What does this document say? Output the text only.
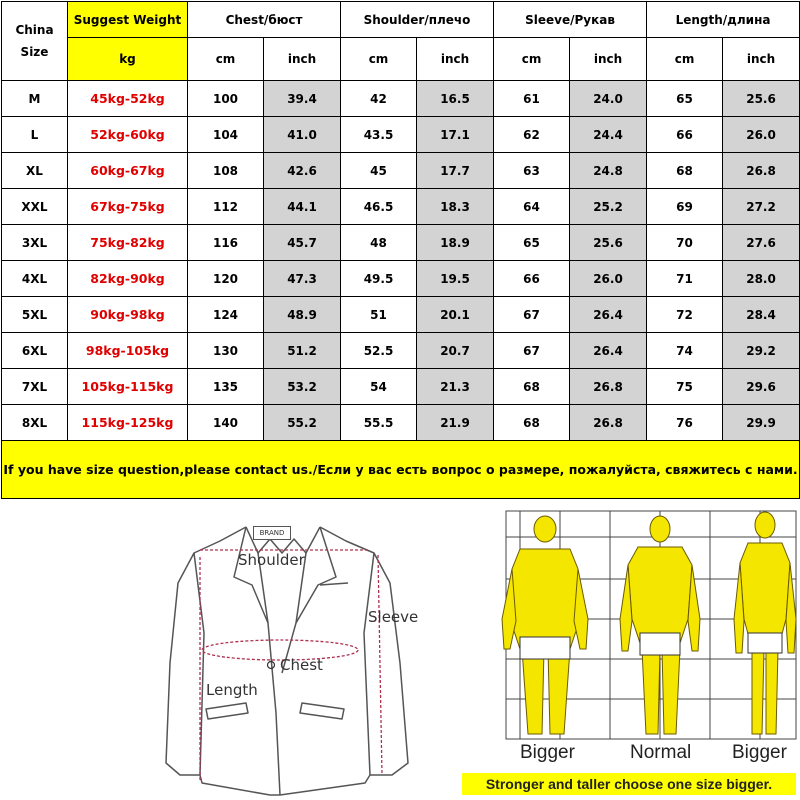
China Size	Suggest Weight	Chest/бюст		Shoulder/плечо		Sleeve/Рукав		Length/длина	
	kg	cm	inch	cm	inch	cm	inch	cm	inch
M	45kg-52kg	100	39.4	42	16.5	61	24.0	65	25.6
L	52kg-60kg	104	41.0	43.5	17.1	62	24.4	66	26.0
XL	60kg-67kg	108	42.6	45	17.7	63	24.8	68	26.8
XXL	67kg-75kg	112	44.1	46.5	18.3	64	25.2	69	27.2
3XL	75kg-82kg	116	45.7	48	18.9	65	25.6	70	27.6
4XL	82kg-90kg	120	47.3	49.5	19.5	66	26.0	71	28.0
5XL	90kg-98kg	124	48.9	51	20.1	67	26.4	72	28.4
6XL	98kg-105kg	130	51.2	52.5	20.7	67	26.4	74	29.2
7XL	105kg-115kg	135	53.2	54	21.3	68	26.8	75	29.6
8XL	115kg-125kg	140	55.2	55.5	21.9	68	26.8	76	29.9
If you have size question,please contact us./Если у вас есть вопрос о размере, пожалуйста, свяжитесь с нами.									
BRAND
Shoulder
Sleeve
Chest
Length
Bigger	Normal Bigger
Stronger and taller choose one size bigger.
